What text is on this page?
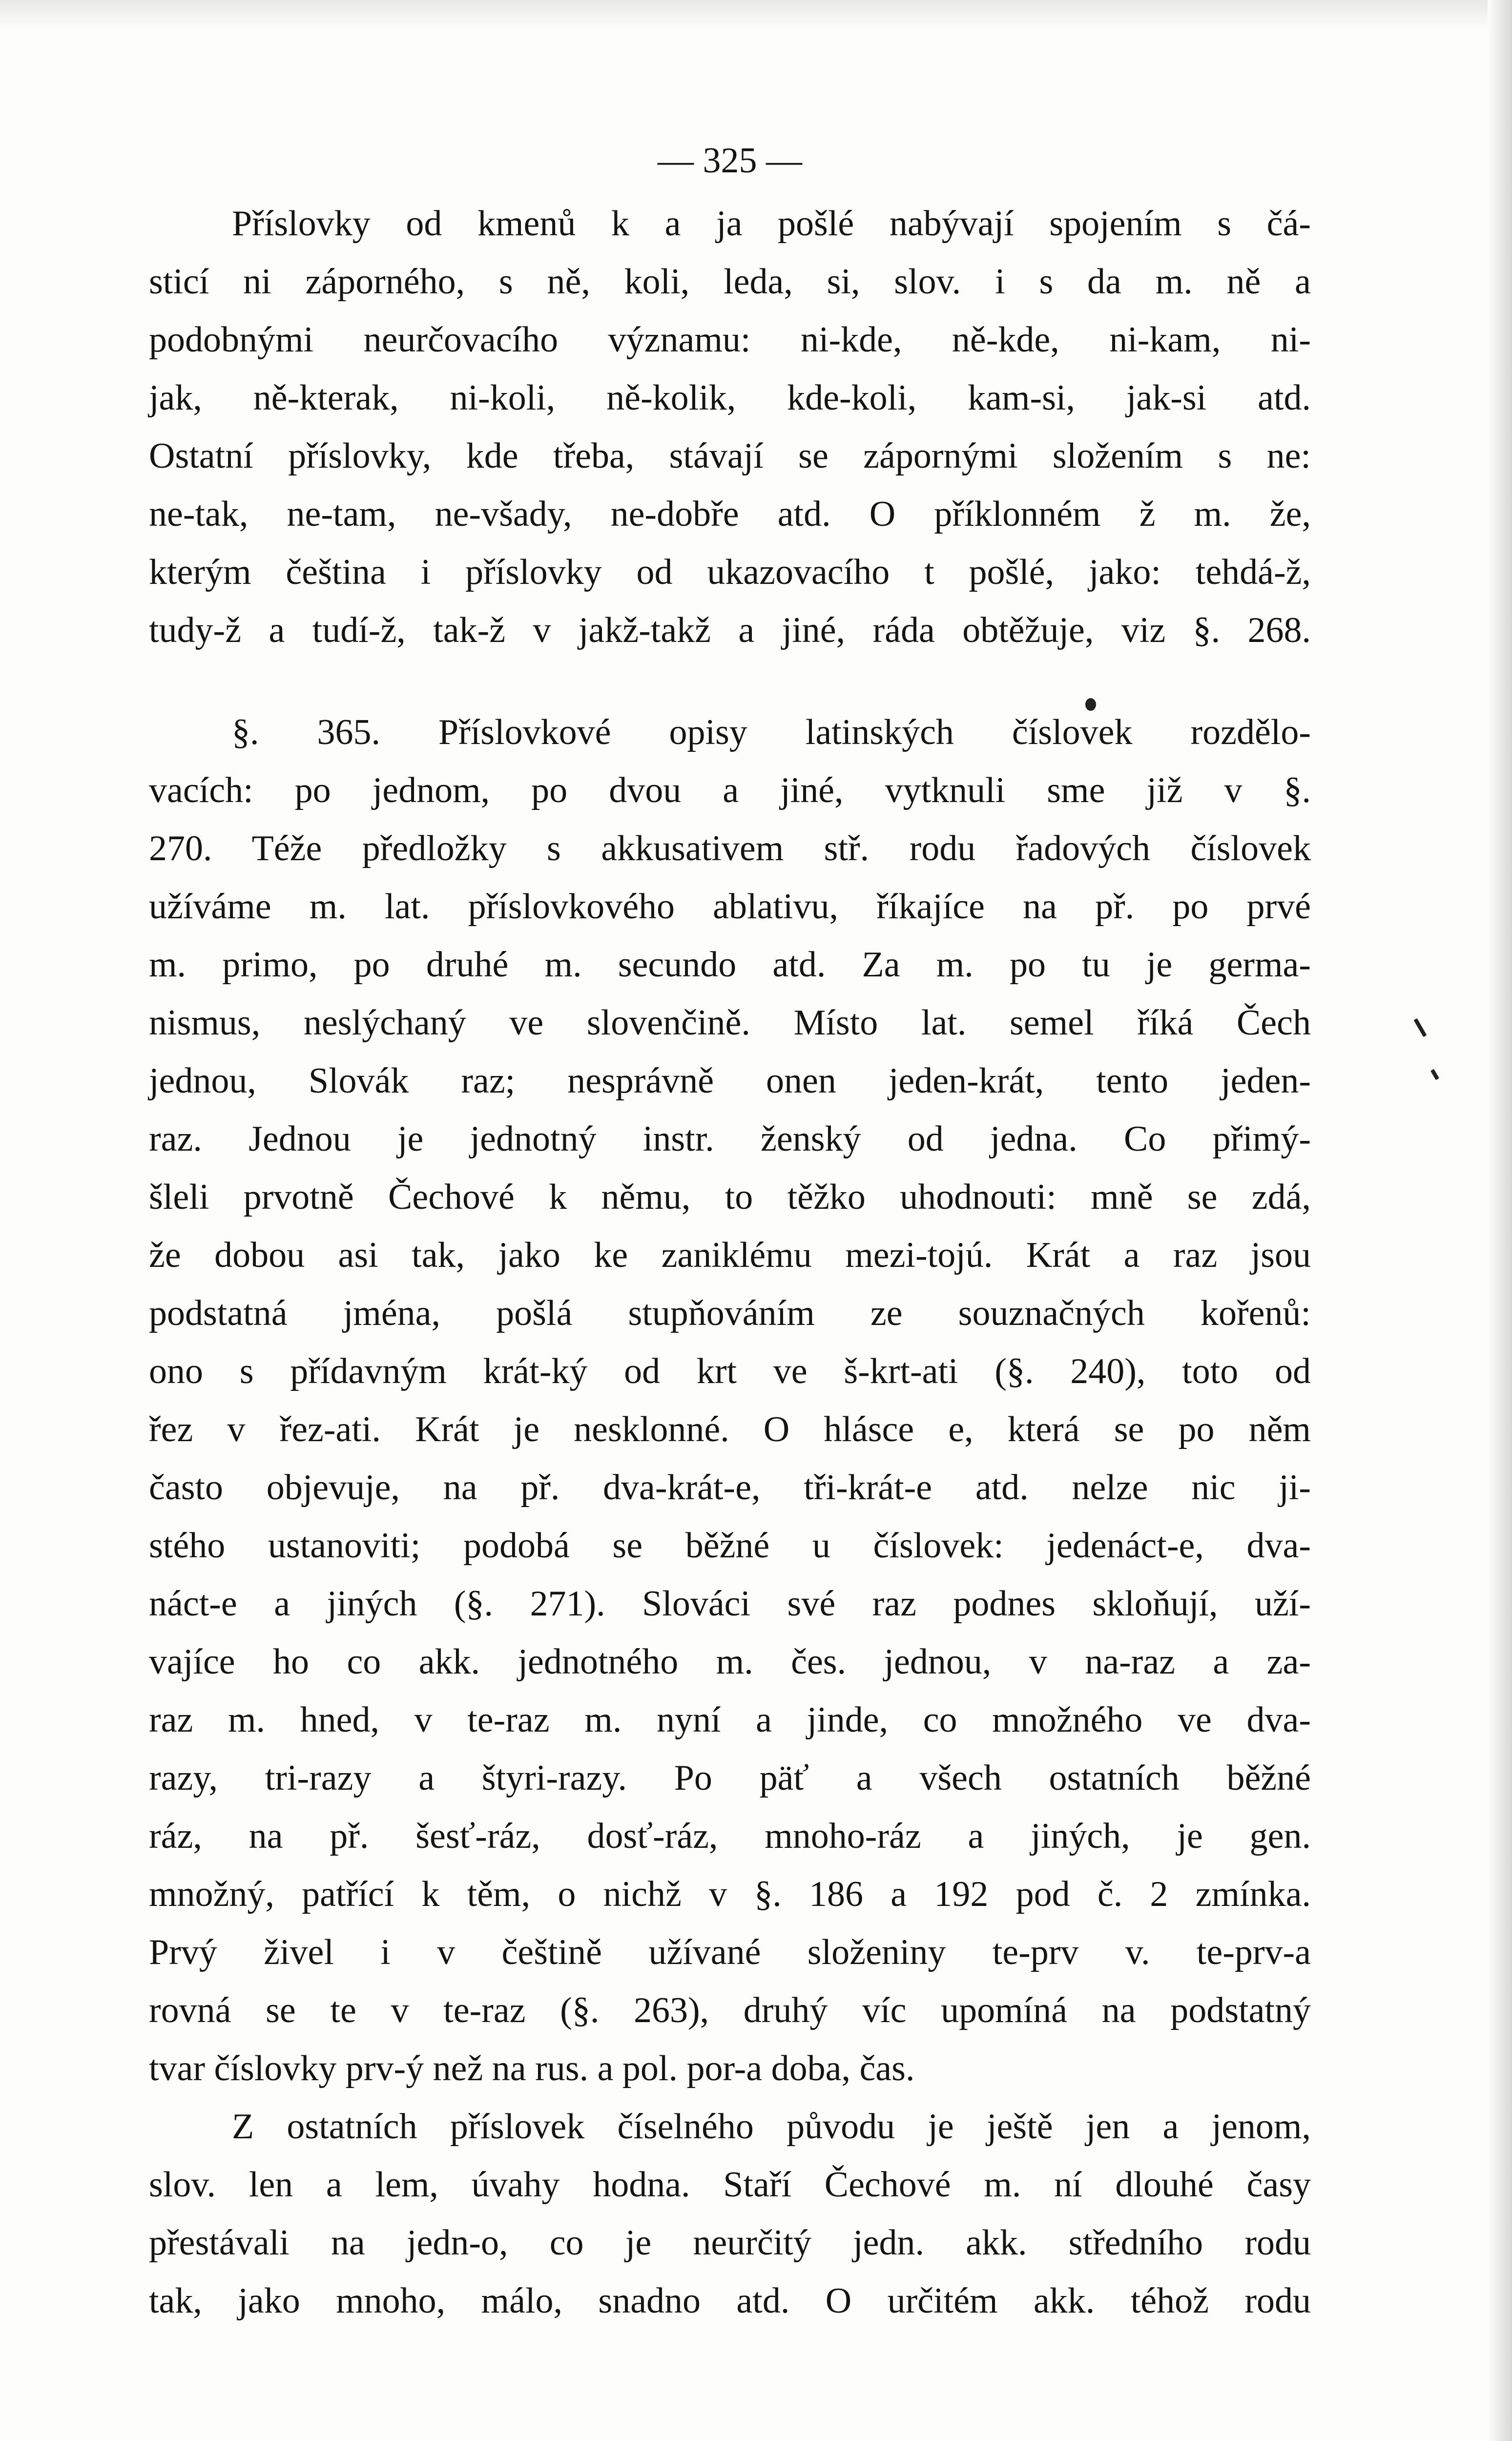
— 325 —
Příslovky od kmenů k a ja pošlé nabývají spojením s čá-
sticí ni záporného, s ně, koli, leda, si, slov. i s da m. ně a
podobnými neurčovacího významu: ni-kde, ně-kde, ni-kam, ni-
jak, ně-kterak, ni-koli, ně-kolik, kde-koli, kam-si, jak-si atd.
Ostatní příslovky, kde třeba, stávají se zápornými složením s ne:
ne-tak, ne-tam, ne-všady, ne-dobře atd. O příklonném ž m. že,
kterým čeština i příslovky od ukazovacího t pošlé, jako: tehdá-ž,
tudy-ž a tudí-ž, tak-ž v jakž-takž a jiné, ráda obtěžuje, viz §. 268.
§. 365. Příslovkové opisy latinských číslovek rozdělo-
vacích: po jednom, po dvou a jiné, vytknuli sme již v §.
270. Téže předložky s akkusativem stř. rodu řadových číslovek
užíváme m. lat. příslovkového ablativu, říkajíce na př. po prvé
m. primo, po druhé m. secundo atd. Za m. po tu je germa-
nismus, neslýchaný ve slovenčině. Místo lat. semel říká Čech
jednou, Slovák raz; nesprávně onen jeden-krát, tento jeden-
raz. Jednou je jednotný instr. ženský od jedna. Co přimý-
šleli prvotně Čechové k němu, to těžko uhodnouti: mně se zdá,
že dobou asi tak, jako ke zaniklému mezi-tojú. Krát a raz jsou
podstatná jména, pošlá stupňováním ze souznačných kořenů:
ono s přídavným krát-ký od krt ve š-krt-ati (§. 240), toto od
řez v řez-ati. Krát je nesklonné. O hlásce e, která se po něm
často objevuje, na př. dva-krát-e, tři-krát-e atd. nelze nic ji-
stého ustanoviti; podobá se běžné u číslovek: jedenáct-e, dva-
náct-e a jiných (§. 271). Slováci své raz podnes skloňují, uží-
vajíce ho co akk. jednotného m. čes. jednou, v na-raz a za-
raz m. hned, v te-raz m. nyní a jinde, co množného ve dva-
razy, tri-razy a štyri-razy. Po päť a všech ostatních běžné
ráz, na př. šesť-ráz, dosť-ráz, mnoho-ráz a jiných, je gen.
množný, patřící k těm, o nichž v §. 186 a 192 pod č. 2 zmínka.
Prvý živel i v češtině užívané složeniny te-prv v. te-prv-a
rovná se te v te-raz (§. 263), druhý víc upomíná na podstatný
tvar číslovky prv-ý než na rus. a pol. por-a doba, čas.
Z ostatních příslovek číselného původu je ještě jen a jenom,
slov. len a lem, úvahy hodna. Staří Čechové m. ní dlouhé časy
přestávali na jedn-o, co je neurčitý jedn. akk. středního rodu
tak, jako mnoho, málo, snadno atd. O určitém akk. téhož rodu
